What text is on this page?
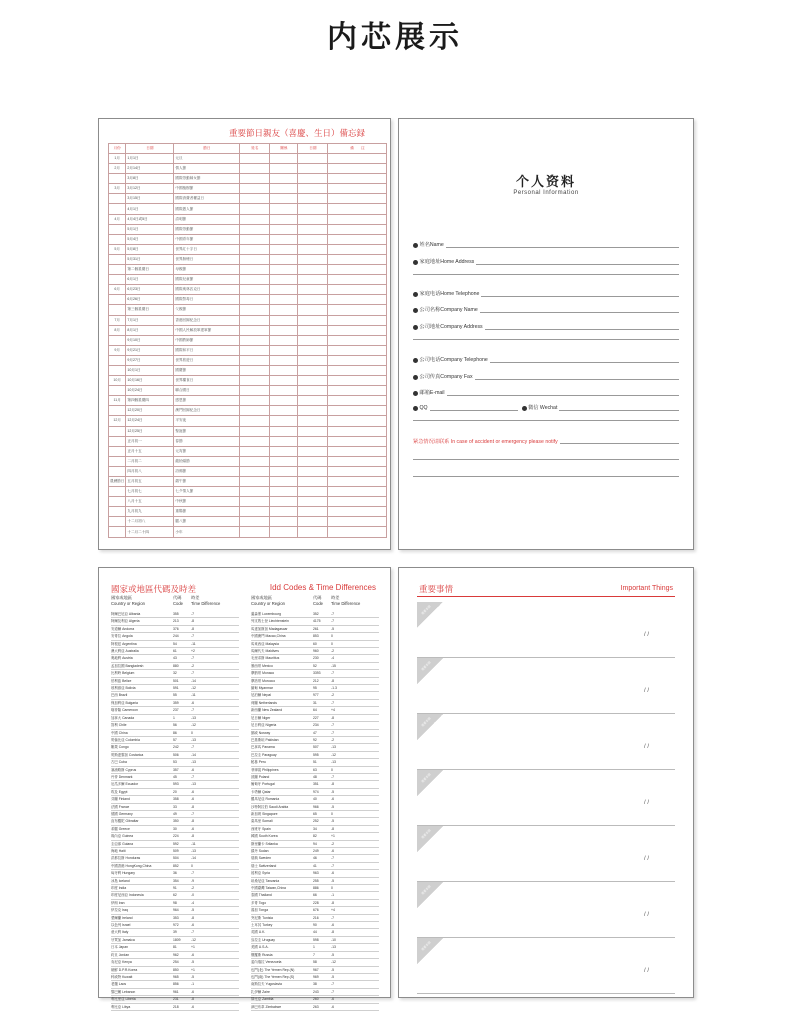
内芯展示
重要節日親友（喜慶、生日）備忘録
月份	日期	節日	姓名	關係	日期	備　　注
1月	1月1日	元旦				
2月	2月14日	情人節				
	3月8日	國際勞動婦女節				
3月	3月12日	中國植樹節				
	3月15日	國際消費者權益日				
	4月1日	國際愚人節				
4月	4月4日或5日	清明節				
	5月1日	國際勞動節				
	5月4日	中國青年節				
5月	5月8日	世界紅十字日				
	5月31日	世界無煙日				
	第二個星期日	母親節				
	6月1日	國際兒童節				
6月	6月23日	國際奧林匹克日				
	6月26日	國際禁毒日				
	第三個星期日	父親節				
7月	7月1日	香港回歸紀念日				
8月	8月1日	中國人民解放軍建軍節				
	9月10日	中國教師節				
9月	9月21日	國際和平日				
	9月27日	世界旅遊日				
	10月1日	國慶節				
10月	10月16日	世界糧食日				
	10月24日	聯合國日				
11月	第四個星期四	感恩節				
	12月20日	澳門回歸紀念日				
12月	12月24日	平安夜				
	12月25日	聖誕節				
	正月初一	春節				
	正月十五	元宵節				
	二月初二	龍抬頭節				
	四月初八	浴佛節				
農曆節日	五月初五	端午節				
	七月初七	七夕情人節				
	八月十五	中秋節				
	九月初九	重陽節				
	十二月初八	臘八節				
	十二月二十四	小年				
个人资料
Personal Information
姓名Name
家庭地址Home Address
家庭电话Home Telephone
公司名称Company Name
公司地址Company Address
公司电话Company Telephone
公司传真Company Fax
邮箱E-mail
QQ	微信 Wechat
紧急情况请联系 In case of accident or emergency please notify
國家或地區代碼及時差	Idd Codes & Time Differences
國家或地區
Country or Region
代碼
Code
時差
Time Difference
國家或地區
Country or Region
代碼
Code
時差
Time Difference
阿爾巴尼亞 Albania	355	-7
阿爾及利亞 Algeria	213	-8
安道爾 Andorra	376	-8
安哥拉 Angola	244	-7
阿根廷 Argentina	54	-11
澳大利亞 Australia	61	+2
奧地利 Austria	43	-7
孟加拉國 Bangladesh	880	-2
比利時 Belgium	32	-7
伯利茲 Belize	501	-14
玻利維亞 Bolivia	591	-12
巴西 Brazil	55	-11
保加利亞 Bulgaria	359	-6
喀麥隆 Cameroon	237	-7
加拿大 Canada	1	-13
智利 Chile	56	-12
中國 China	86	0
哥倫比亞 Colombia	57	-13
剛果 Congo	242	-7
哥斯達黎加 Costarica	506	-14
古巴 Cuba	53	-13
塞浦路斯 Cyprus	357	-6
丹麥 Denmark	45	-7
厄瓜多爾 Ecuador	593	-13
埃及 Egypt	20	-6
芬蘭 Finland	358	-6
法國 France	33	-8
德國 Germany	49	-7
直布羅陀 Gibraltar	350	-8
希臘 Greece	30	-6
幾內亞 Guinea	224	-8
圭亞那 Guiana	592	-11
海地 Haiti	509	-13
洪都拉斯 Honduras	504	-14
中國香港 HongKong,China	852	0
匈牙利 Hungary	36	-7
冰島 Iceland	354	-9
印度 India	91	-2
印度尼西亞 Indonesia	62	-0
伊朗 Iran	98	-4
伊拉克 Iraq	964	-5
愛爾蘭 Ireland	353	-8
以色列 Israel	972	-6
意大利 Italy	39	-7
牙買加 Jamaica	1809	-12
日本 Japan	81	+1
約旦 Jordan	962	-6
肯尼亞 Kenya	254	-5
朝鮮 D.P.R.Korea	850	+1
科威特 Kuwait	965	-5
老撾 Laos	856	-1
黎巴嫩 Lebanon	961	-6
利比里亞 Liberia	231	-8
利比亞 Libya	218	-6
盧森堡 Luxembourg	352	-7
列支敦士登 Liechtenstein	4175	-7
馬達加斯加 Madagascar	261	-5
中國澳門 Macao,China	853	0
馬來西亞 Malaysia	60	0
馬爾代夫 Maldives	960	-2
毛里求斯 Mauritius	230	-4
墨西哥 Mexico	52	-15
摩納哥 Monaco	3393	-7
摩洛哥 Morocco	212	-8
緬甸 Myanmar	95	-1.3
尼泊爾 Nepal	977	-2
荷蘭 Netherlands	31	-7
新西蘭 New Zealand	64	+4
尼日爾 Niger	227	-8
尼日利亞 Nigeria	234	-7
挪威 Norway	47	-7
巴基斯坦 Pakistan	92	-2
巴拿馬 Panama	507	-13
巴拉圭 Paraguay	595	-12
秘魯 Peru	51	-13
菲律賓 Philippines	63	0
波蘭 Poland	48	-7
葡萄牙 Portugal	351	-8
卡塔爾 Qatar	974	-5
羅馬尼亞 Romania	40	-6
沙特阿拉伯 Saudi Arabia	966	-5
新加坡 Singapore	65	0
索馬里 Somali	252	-5
西班牙 Spain	34	-8
韓國 South Korea	82	+1
斯里蘭卡 Srilanka	94	-2
蘇丹 Sudan	249	-6
瑞典 Sweden	46	-7
瑞士 Switzerland	41	-7
敘利亞 Syria	963	-6
坦桑尼亞 Tanzania	255	-5
中國臺灣 Taiwan,China	886	0
泰國 Thailand	66	-1
多哥 Togo	228	-8
湯加 Tonga	676	+4
突尼斯 Tunisia	216	-7
土耳其 Turkey	90	-6
英國 U.K.	44	-8
烏拉圭 Uruguay	598	-10
美國 U.S.A.	1	-13
俄羅斯 Russia	7	-5
委內瑞拉 Venezuela	58	-12
也門(北) The Yemen Rep.(N)	967	-5
也門(南) The Yemen Rep.(S)	969	-5
南斯拉夫 Yugoslavia	38	-7
扎伊爾 Zaire	243	-7
贊比亞 Zambia	260	-6
津巴布韋 Zimbabwe	263	-6
重要事情	Important Things
重要事情
/ /
重要事情
/ /
重要事情
/ /
重要事情
/ /
重要事情
/ /
重要事情
/ /
重要事情
/ /
